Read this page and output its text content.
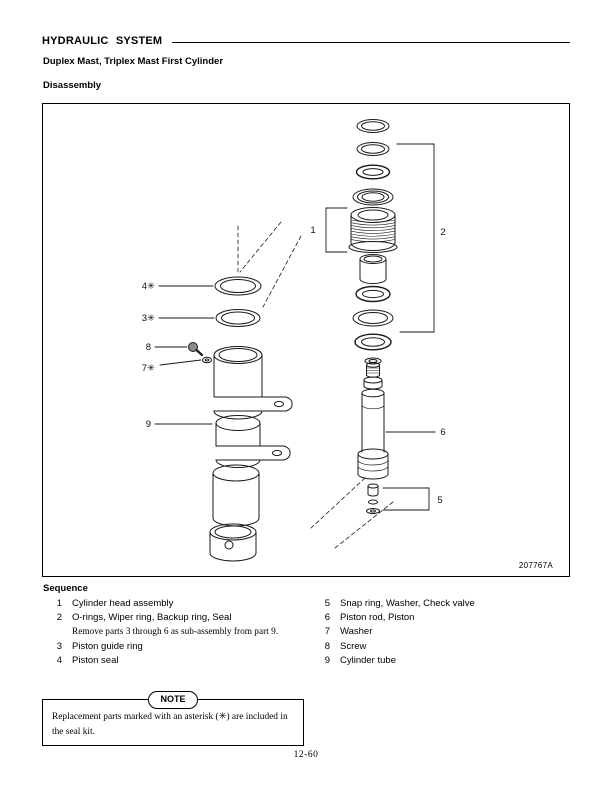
HYDRAULIC SYSTEM
Duplex Mast, Triplex Mast First Cylinder
Disassembly
1	2
4✳
3✳
8
7✳
9
6
5
207767A
Sequence
1 Cylinder head assembly
2 O-rings, Wiper ring, Backup ring, Seal
Remove parts 3 through 6 as sub-assembly from part 9.
3 Piston guide ring
4 Piston seal
5 Snap ring, Washer, Check valve
6 Piston rod, Piston
7 Washer
8 Screw
9 Cylinder tube
NOTE
Replacement parts marked with an asterisk (✳) are included in the seal kit.
12-60
